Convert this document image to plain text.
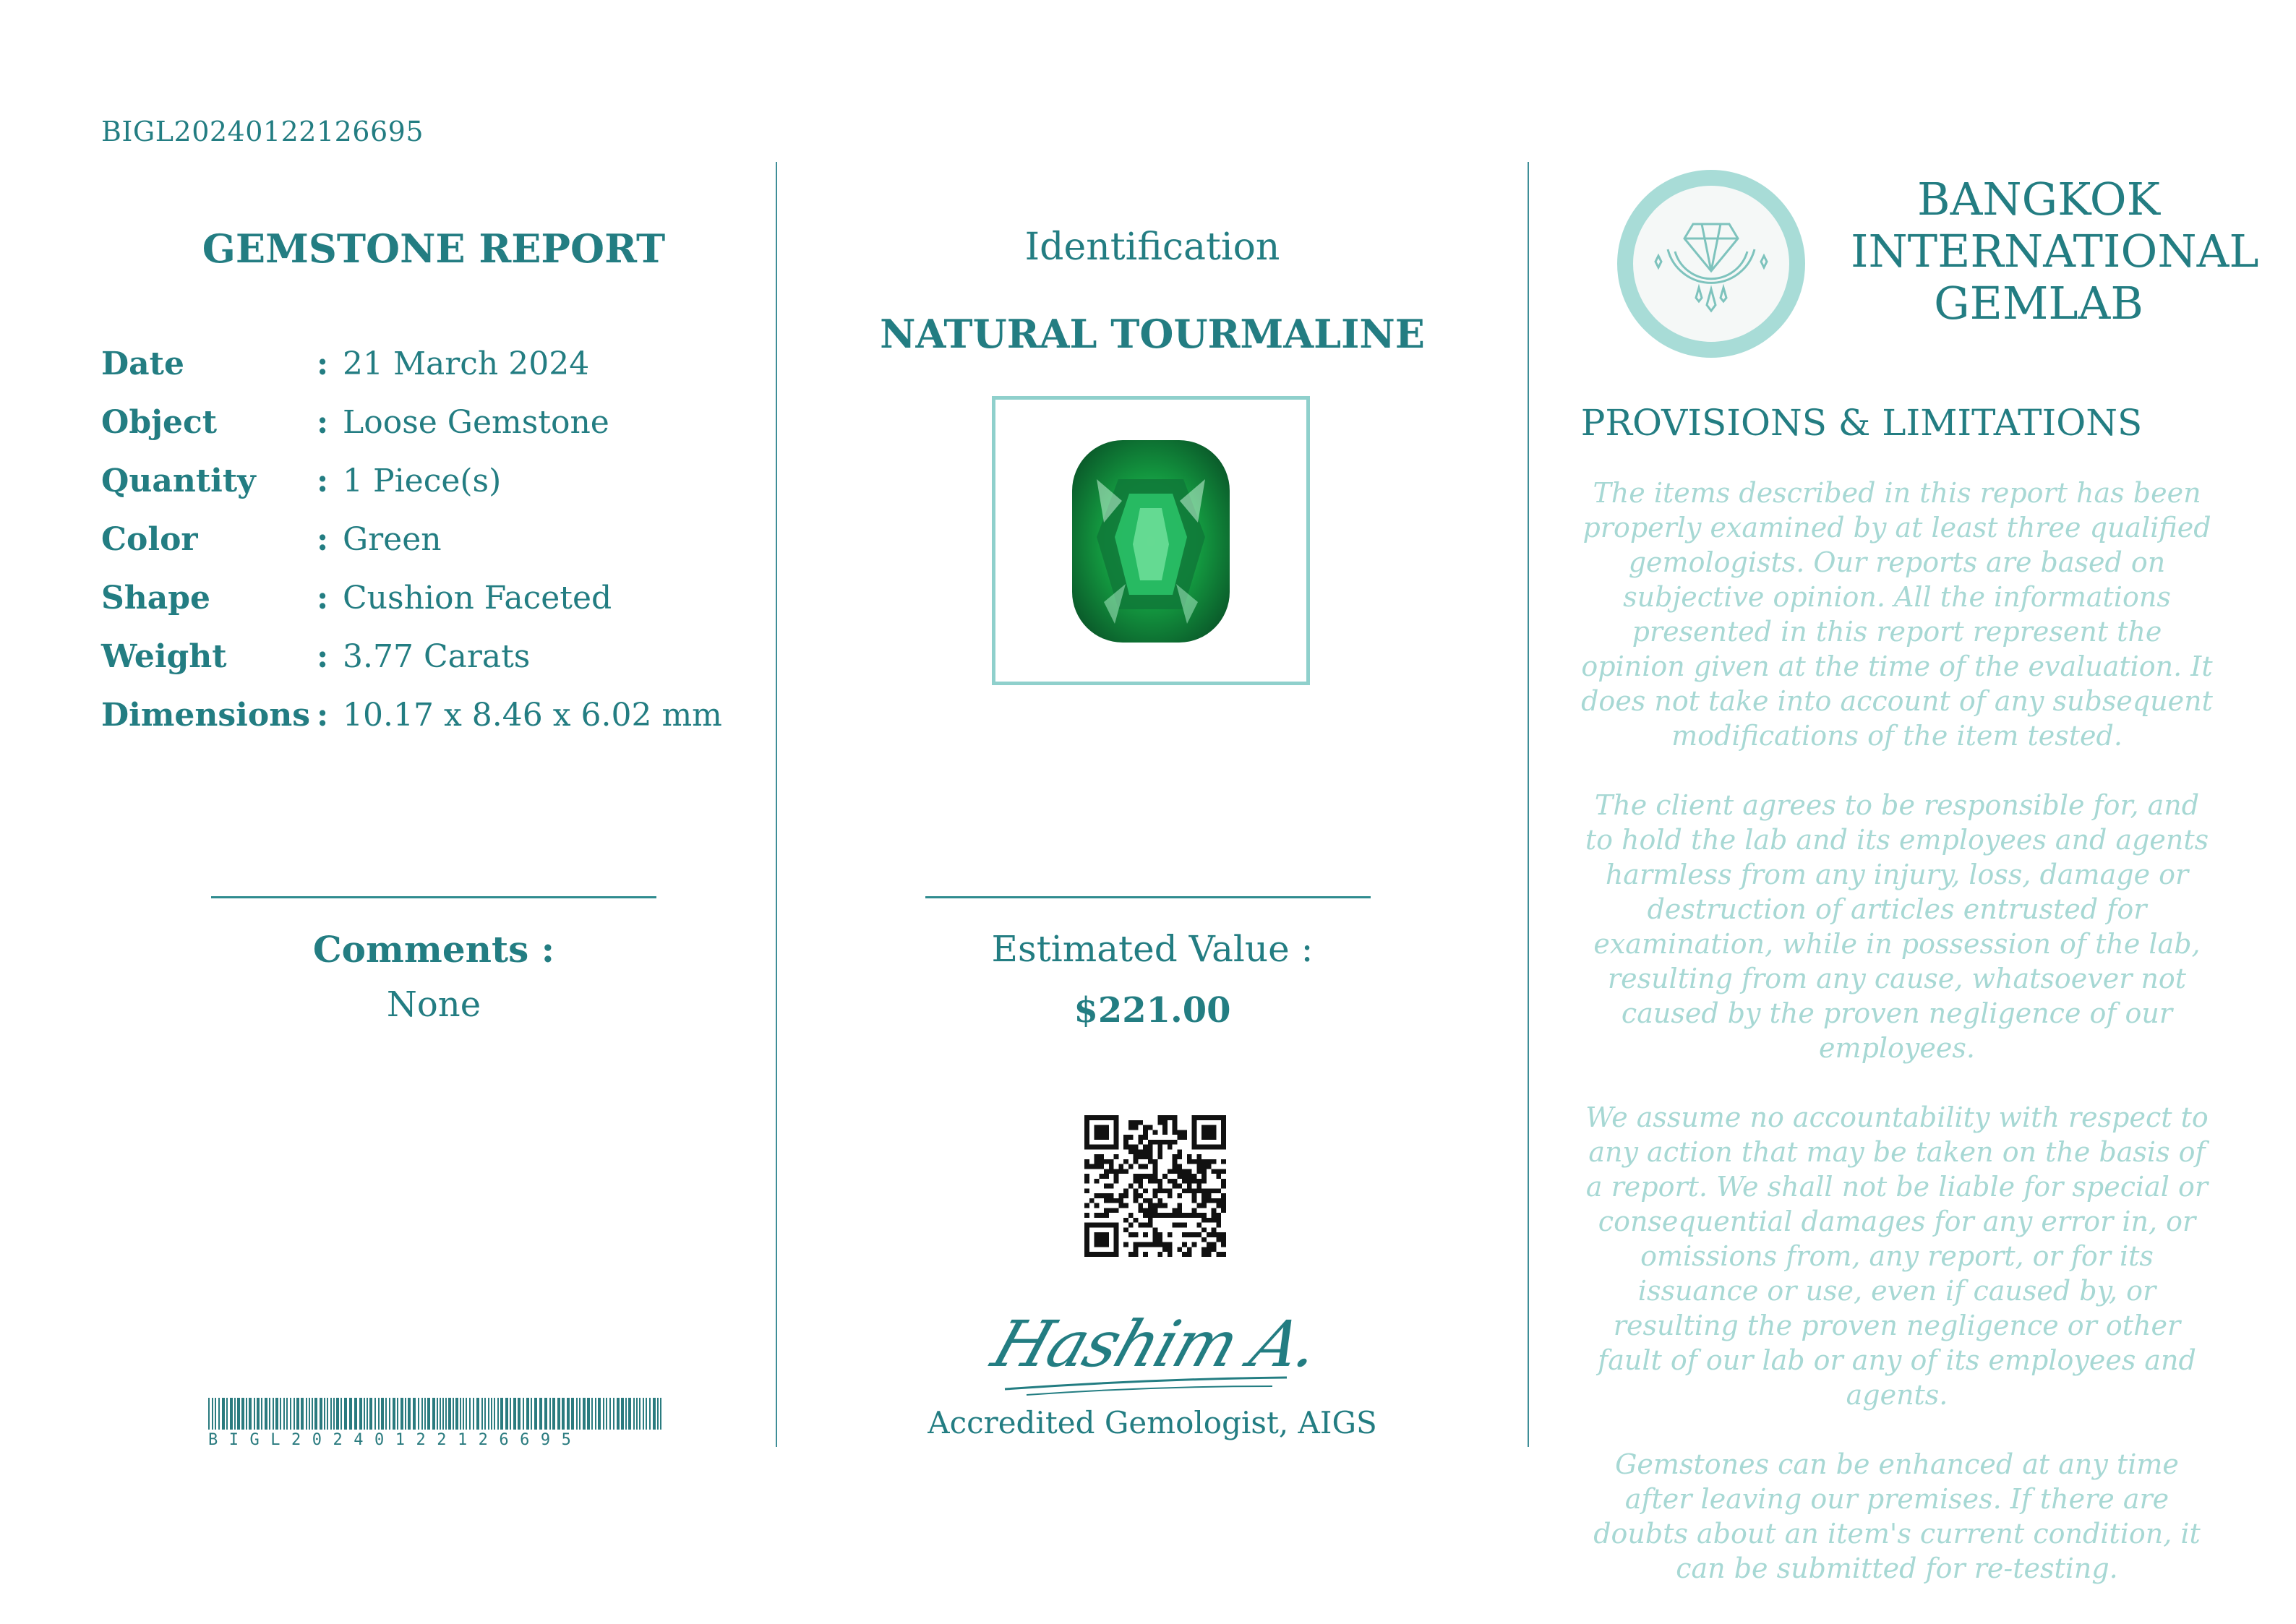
BIGL20240122126695
GEMSTONE REPORT
Date	: 21 March 2024
Object	: Loose Gemstone
Quantity : 1 Piece(s)
Color	: Green
Shape	: Cushion Faceted
Weight	: 3.77 Carats
Dimensions : 10.17 x 8.46 x 6.02 mm
Comments :
None
BIGL20240122126695
Identification
NATURAL TOURMALINE
Estimated Value :
$221.00
Hashim A.
Accredited Gemologist, AIGS
BANGKOK
INTERNATIONAL
GEMLAB
PROVISIONS & LIMITATIONS

The items described in this report has been properly examined by at least three qualified gemologists. Our reports are based on subjective opinion. All the informations presented in this report represent the opinion given at the time of the evaluation. It does not take into account of any subsequent modifications of the item tested.

The client agrees to be responsible for, and to hold the lab and its employees and agents harmless from any injury, loss, damage or destruction of articles entrusted for examination, while in possession of the lab, resulting from any cause, whatsoever not caused by the proven negligence of our employees.

We assume no accountability with respect to any action that may be taken on the basis of a report. We shall not be liable for special or consequential damages for any error in, or omissions from, any report, or for its issuance or use, even if caused by, or resulting the proven negligence or other fault of our lab or any of its employees and agents.

Gemstones can be enhanced at any time after leaving our premises. If there are doubts about an item's current condition, it can be submitted for re-testing.
